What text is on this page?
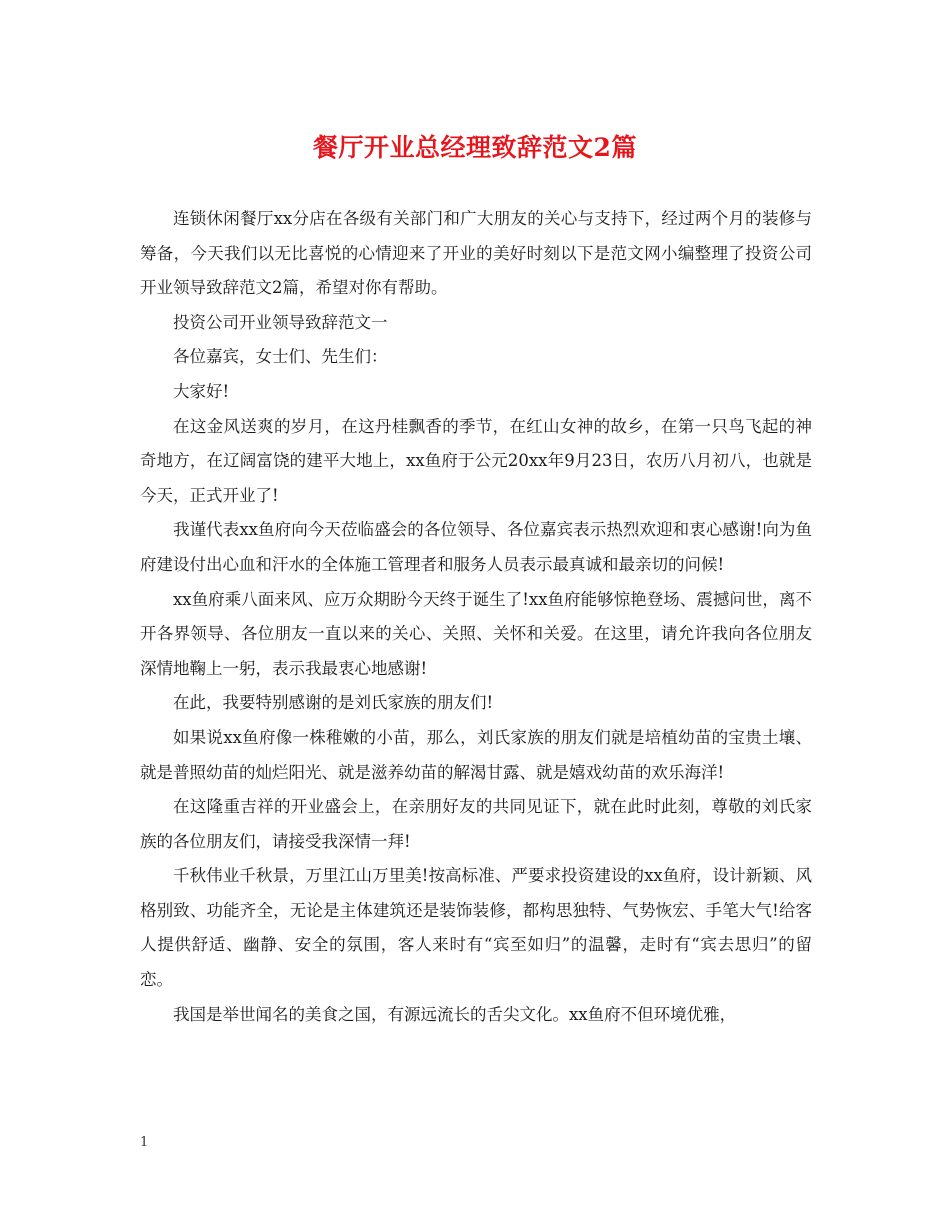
餐厅开业总经理致辞范文2篇

连锁休闲餐厅xx分店在各级有关部门和广大朋友的关心与支持下，经过两个月的装修与筹备，今天我们以无比喜悦的心情迎来了开业的美好时刻以下是范文网小编整理了投资公司开业领导致辞范文2篇，希望对你有帮助。

投资公司开业领导致辞范文一

各位嘉宾，女士们、先生们：

大家好!

在这金风送爽的岁月，在这丹桂飘香的季节，在红山女神的故乡，在第一只鸟飞起的神奇地方，在辽阔富饶的建平大地上，xx鱼府于公元20xx年9月23日，农历八月初八，也就是今天，正式开业了!

我谨代表xx鱼府向今天莅临盛会的各位领导、各位嘉宾表示热烈欢迎和衷心感谢!向为鱼府建设付出心血和汗水的全体施工管理者和服务人员表示最真诚和最亲切的问候!

xx鱼府乘八面来风、应万众期盼今天终于诞生了!xx鱼府能够惊艳登场、震撼问世，离不开各界领导、各位朋友一直以来的关心、关照、关怀和关爱。在这里，请允许我向各位朋友深情地鞠上一躬，表示我最衷心地感谢!

在此，我要特别感谢的是刘氏家族的朋友们!

如果说xx鱼府像一株稚嫩的小苗，那么，刘氏家族的朋友们就是培植幼苗的宝贵土壤、就是普照幼苗的灿烂阳光、就是滋养幼苗的解渴甘露、就是嬉戏幼苗的欢乐海洋!

在这隆重吉祥的开业盛会上，在亲朋好友的共同见证下，就在此时此刻，尊敬的刘氏家族的各位朋友们，请接受我深情一拜!

千秋伟业千秋景，万里江山万里美!按高标准、严要求投资建设的xx鱼府，设计新颖、风格别致、功能齐全，无论是主体建筑还是装饰装修，都构思独特、气势恢宏、手笔大气!给客人提供舒适、幽静、安全的氛围，客人来时有“宾至如归”的温馨，走时有“宾去思归”的留恋。

我国是举世闻名的美食之国，有源远流长的舌尖文化。xx鱼府不但环境优雅，

1
